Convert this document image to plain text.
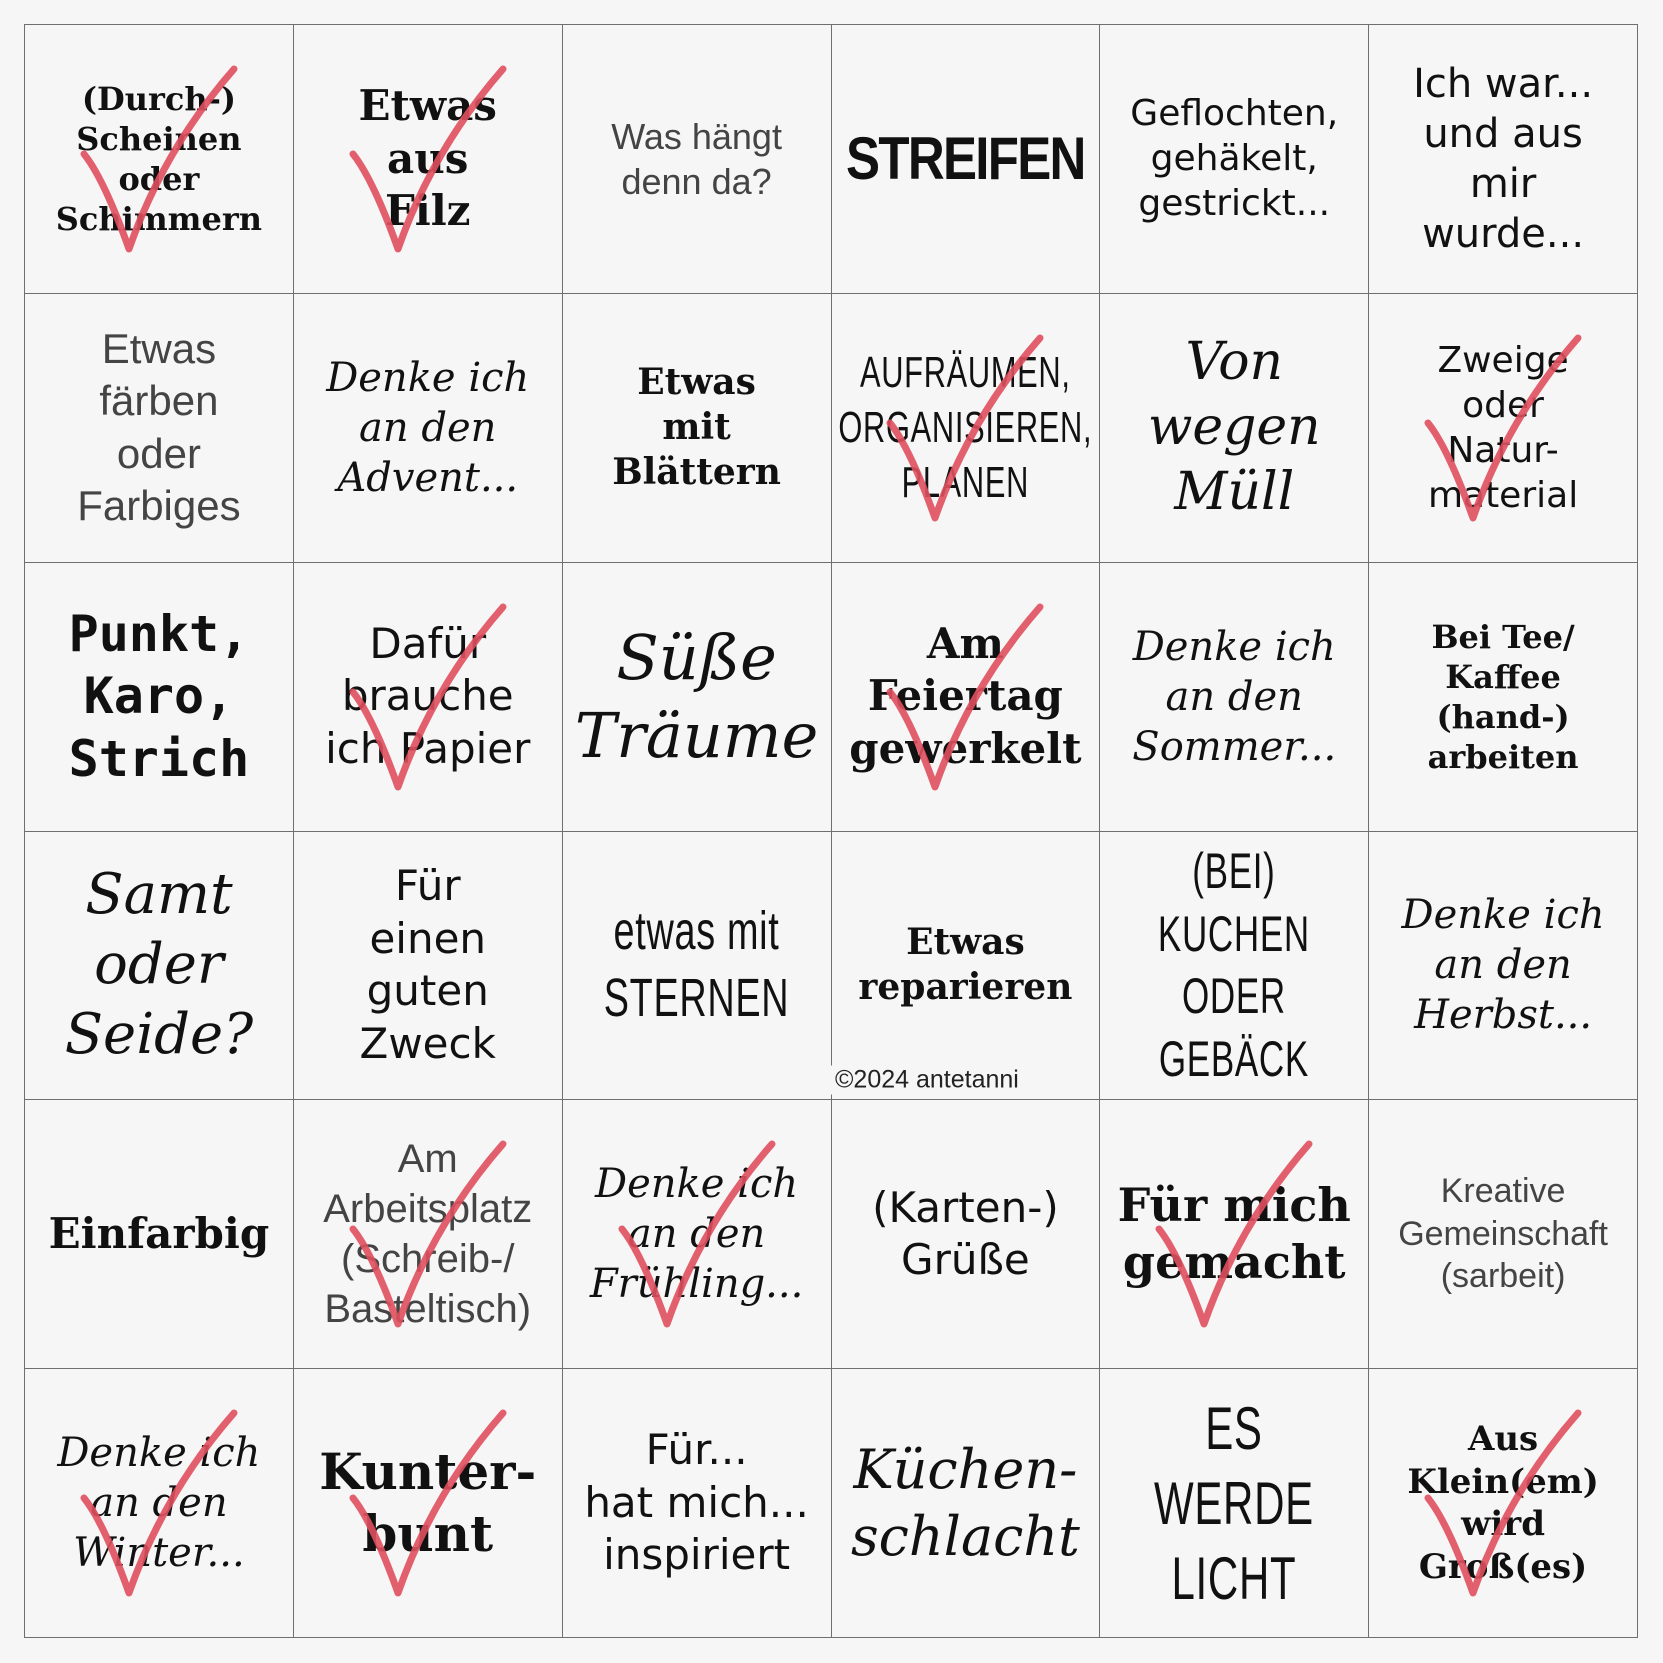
(Durch-)
Scheinen
oder
Schimmern
Etwas
aus
Filz
Was hängt
denn da? STREIFEN
Geflochten,
gehäkelt,
gestrickt...
Ich war...
und aus
mir
wurde...
Etwas
färben
oder
Farbiges
Denke ich
an den
Advent...
Etwas
mit
Blättern
AUFRÄUMEN,
ORGANISIEREN,
PLANEN
Von
wegen
Müll
Zweige
oder
Natur-
material
Punkt,
Karo,
Strich
Dafür
brauche
ich Papier
Süße
Träume
Am
Feiertag
gewerkelt
Denke ich
an den
Sommer...
Bei Tee/
Kaffee
(hand-)
arbeiten
Samt
oder
Seide?
Für
einen
guten
Zweck
etwas mit
STERNEN
Etwas
reparieren
(BEI) KUCHEN
ODER GEBÄCK
Denke ich
an den
Herbst...
Einfarbig
Am
Arbeitsplatz
(Schreib-/
Basteltisch)
Denke ich
an den
Frühling...
(Karten-)
Grüße
Für mich
gemacht
Kreative
Gemeinschaft
(sarbeit)
Denke ich
an den
Winter...
Kunter-
bunt
Für...
hat mich...
inspiriert
Küchen-
schlacht
ES WERDE
LICHT
Aus
Klein(em)
wird
Groß(es)
©2024 antetanni
